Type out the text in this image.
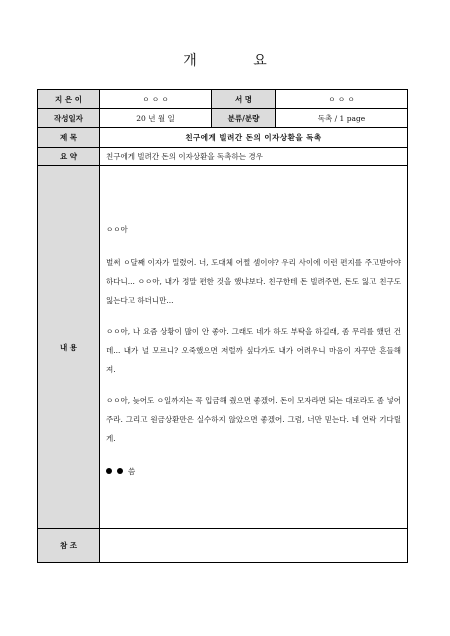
개 요
지 은 이	ㅇ ㅇ ㅇ	서 명	ㅇ ㅇ ㅇ
작성일자	20 년 월 일	분류/분량	독촉 / 1 page
제 목	친구에게 빌려간 돈의 이자상환을 독촉		
요 약	친구에게 빌려간 돈의 이자상환을 독촉하는 경우		
내 용	ㅇㅇ아

벌써 ㅇ달째 이자가 밀렸어. 너, 도대체 어쩔 셈이야? 우리 사이에 이런 편지를 주고받아야 하다니... ㅇㅇ아, 내가 정말 편한 것을 했냐보다. 친구한테 돈 빌려주면, 돈도 잃고 친구도 잃는다고 하더니만...

ㅇㅇ아, 나 요즘 상황이 많이 안 좋아. 그래도 네가 하도 부탁을 하길래, 좀 무리를 했던 건데... 내가 널 모르니? 오죽했으면 저럴까 싶다가도 내가 어려우니 마음이 자꾸만 흔들해 져.

ㅇㅇ아, 늦어도 ㅇ일까지는 꼭 입금해 줬으면 좋겠어. 돈이 모자라면 되는 대로라도 좀 넣어 주라. 그리고 원금상환만은 실수하지 않았으면 좋겠어. 그럼, 너만 믿는다. 네 연락 기다릴게.

씀		

참 조			
